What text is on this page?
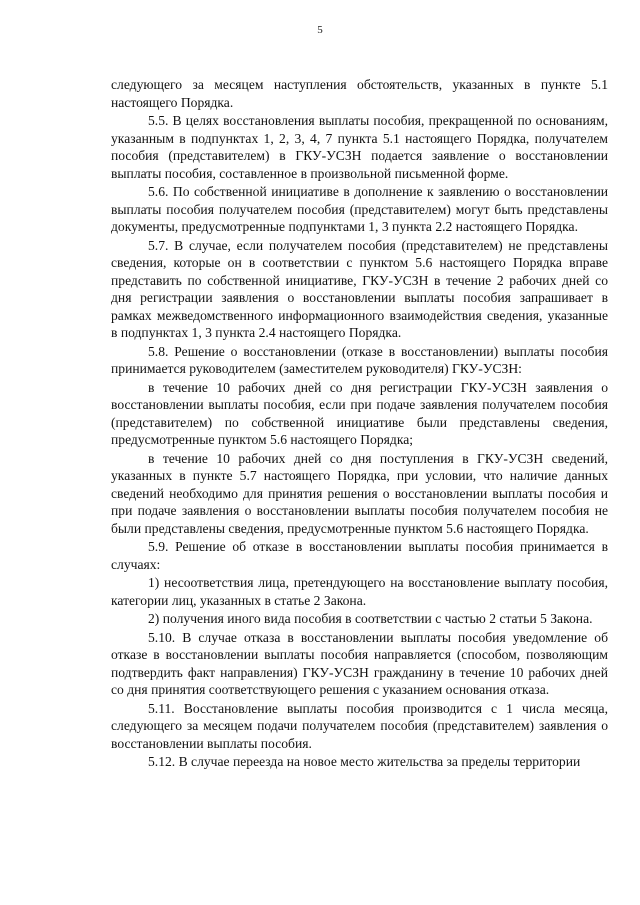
5

следующего за месяцем наступления обстоятельств, указанных в пункте 5.1 настоящего Порядка.

5.5. В целях восстановления выплаты пособия, прекращенной по основаниям, указанным в подпунктах 1, 2, 3, 4, 7 пункта 5.1 настоящего Порядка, получателем пособия (представителем) в ГКУ-УСЗН подается заявление о восстановлении выплаты пособия, составленное в произвольной письменной форме.

5.6. По собственной инициативе в дополнение к заявлению о восстановлении выплаты пособия получателем пособия (представителем) могут быть представлены документы, предусмотренные подпунктами 1, 3 пункта 2.2 настоящего Порядка.

5.7. В случае, если получателем пособия (представителем) не представлены сведения, которые он в соответствии с пунктом 5.6 настоящего Порядка вправе представить по собственной инициативе, ГКУ-УСЗН в течение 2 рабочих дней со дня регистрации заявления о восстановлении выплаты пособия запрашивает в рамках межведомственного информационного взаимодействия сведения, указанные в подпунктах 1, 3 пункта 2.4 настоящего Порядка.

5.8. Решение о восстановлении (отказе в восстановлении) выплаты пособия принимается руководителем (заместителем руководителя) ГКУ-УСЗН:

в течение 10 рабочих дней со дня регистрации ГКУ-УСЗН заявления о восстановлении выплаты пособия, если при подаче заявления получателем пособия (представителем) по собственной инициативе были представлены сведения, предусмотренные пунктом 5.6 настоящего Порядка;

в течение 10 рабочих дней со дня поступления в ГКУ-УСЗН сведений, указанных в пункте 5.7 настоящего Порядка, при условии, что наличие данных сведений необходимо для принятия решения о восстановлении выплаты пособия и при подаче заявления о восстановлении выплаты пособия получателем пособия не были представлены сведения, предусмотренные пунктом 5.6 настоящего Порядка.

5.9. Решение об отказе в восстановлении выплаты пособия принимается в случаях:

1) несоответствия лица, претендующего на восстановление выплату пособия, категории лиц, указанных в статье 2 Закона.

2) получения иного вида пособия в соответствии с частью 2 статьи 5 Закона.

5.10. В случае отказа в восстановлении выплаты пособия уведомление об отказе в восстановлении выплаты пособия направляется (способом, позволяющим подтвердить факт направления) ГКУ-УСЗН гражданину в течение 10 рабочих дней со дня принятия соответствующего решения с указанием основания отказа.

5.11. Восстановление выплаты пособия производится с 1 числа месяца, следующего за месяцем подачи получателем пособия (представителем) заявления о восстановлении выплаты пособия.

5.12. В случае переезда на новое место жительства за пределы территории
